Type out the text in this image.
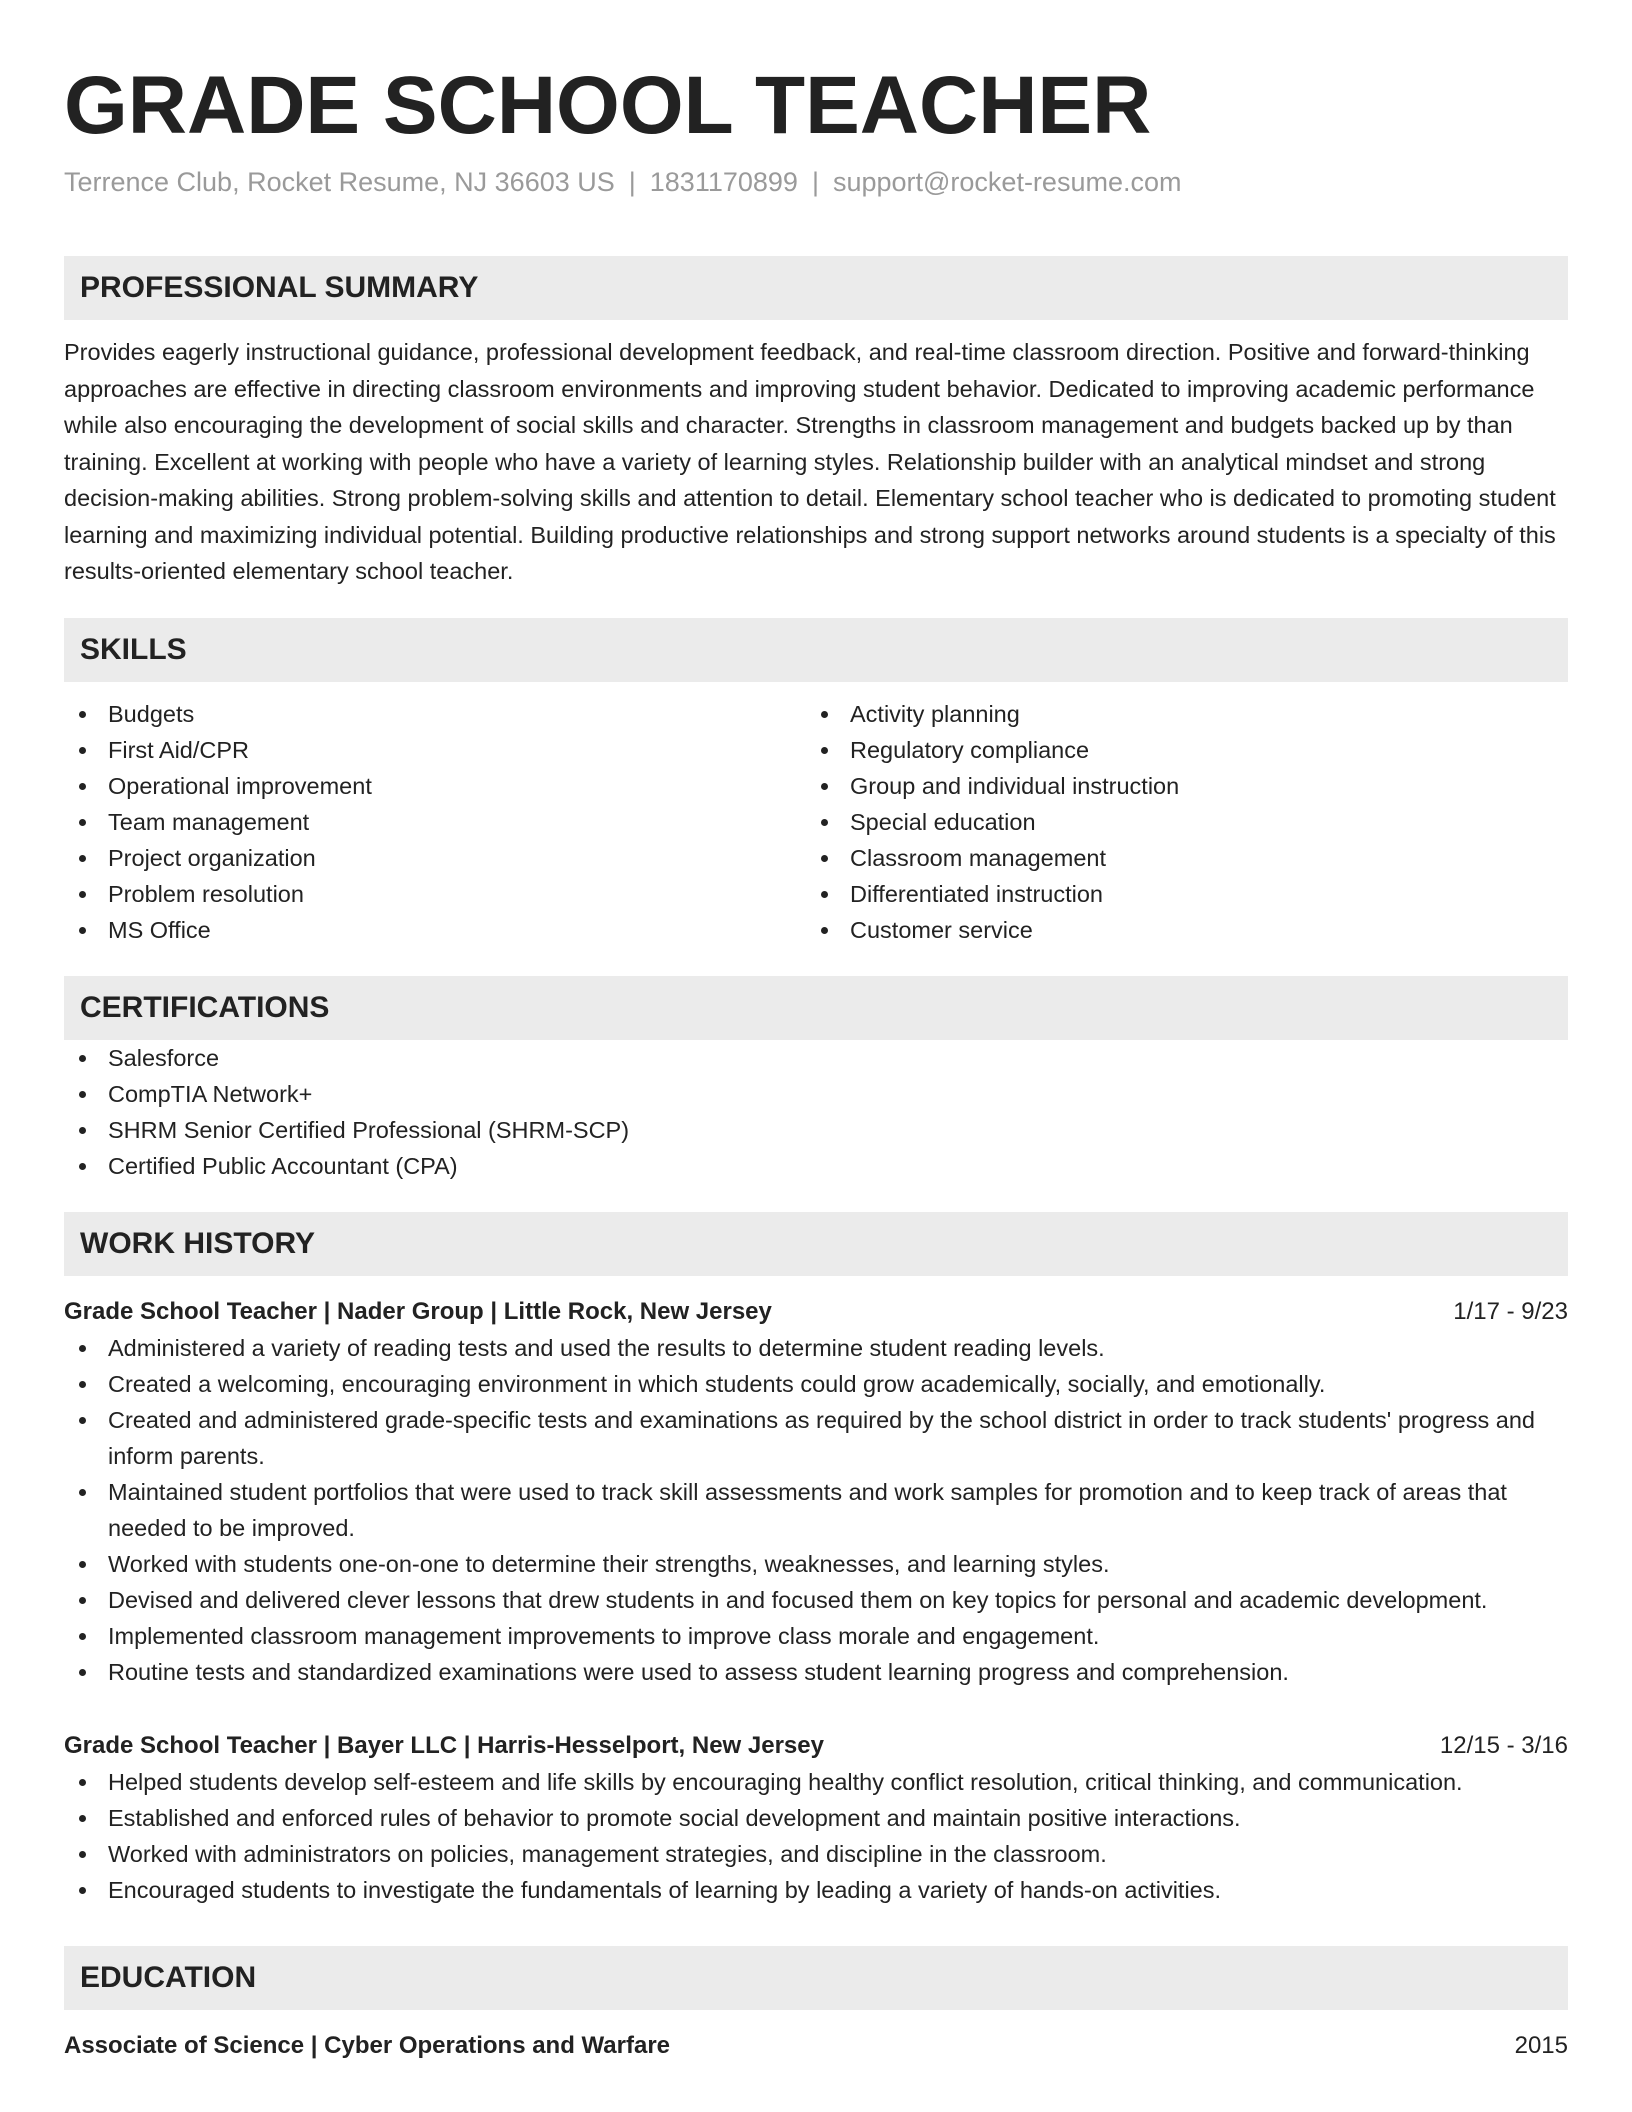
GRADE SCHOOL TEACHER
Terrence Club, Rocket Resume, NJ 36603 US | 1831170899 | support@rocket-resume.com
PROFESSIONAL SUMMARY
Provides eagerly instructional guidance, professional development feedback, and real-time classroom direction. Positive and forward-thinking approaches are effective in directing classroom environments and improving student behavior. Dedicated to improving academic performance while also encouraging the development of social skills and character. Strengths in classroom management and budgets backed up by than training. Excellent at working with people who have a variety of learning styles. Relationship builder with an analytical mindset and strong decision-making abilities. Strong problem-solving skills and attention to detail. Elementary school teacher who is dedicated to promoting student learning and maximizing individual potential. Building productive relationships and strong support networks around students is a specialty of this results-oriented elementary school teacher.
SKILLS
Budgets
First Aid/CPR
Operational improvement
Team management
Project organization
Problem resolution
MS Office
Activity planning
Regulatory compliance
Group and individual instruction
Special education
Classroom management
Differentiated instruction
Customer service
CERTIFICATIONS
Salesforce
CompTIA Network+
SHRM Senior Certified Professional (SHRM-SCP)
Certified Public Accountant (CPA)
WORK HISTORY
Grade School Teacher | Nader Group | Little Rock, New Jersey	1/17 - 9/23
Administered a variety of reading tests and used the results to determine student reading levels.
Created a welcoming, encouraging environment in which students could grow academically, socially, and emotionally.
Created and administered grade-specific tests and examinations as required by the school district in order to track students' progress and inform parents.
Maintained student portfolios that were used to track skill assessments and work samples for promotion and to keep track of areas that needed to be improved.
Worked with students one-on-one to determine their strengths, weaknesses, and learning styles.
Devised and delivered clever lessons that drew students in and focused them on key topics for personal and academic development.
Implemented classroom management improvements to improve class morale and engagement.
Routine tests and standardized examinations were used to assess student learning progress and comprehension.
Grade School Teacher | Bayer LLC | Harris-Hesselport, New Jersey	12/15 - 3/16
Helped students develop self-esteem and life skills by encouraging healthy conflict resolution, critical thinking, and communication.
Established and enforced rules of behavior to promote social development and maintain positive interactions.
Worked with administrators on policies, management strategies, and discipline in the classroom.
Encouraged students to investigate the fundamentals of learning by leading a variety of hands-on activities.
EDUCATION
Associate of Science | Cyber Operations and Warfare	2015
